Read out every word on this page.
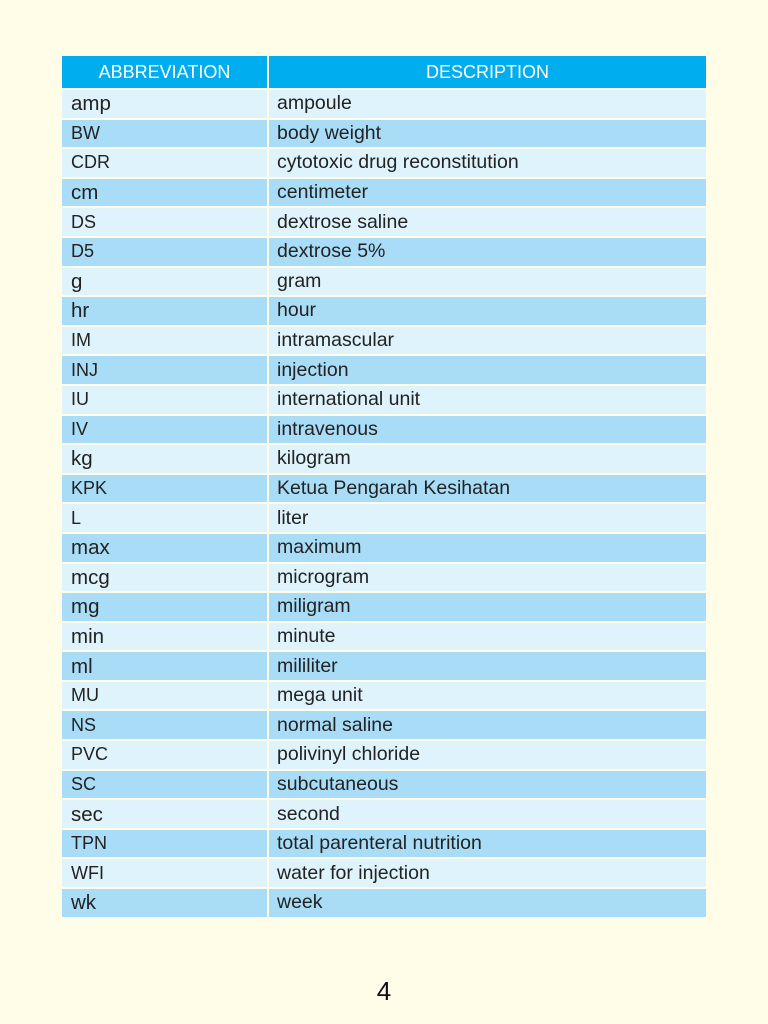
ABBREVIATION	DESCRIPTION
amp	ampoule
BW	body weight
CDR	cytotoxic drug reconstitution
cm	centimeter
DS	dextrose saline
D5	dextrose 5%
g	gram
hr	hour
IM	intramascular
INJ	injection
IU	international unit
IV	intravenous
kg	kilogram
KPK	Ketua Pengarah Kesihatan
L	liter
max	maximum
mcg	microgram
mg	miligram
min	minute
ml	mililiter
MU	mega unit
NS	normal saline
PVC	polivinyl chloride
SC	subcutaneous
sec	second
TPN	total parenteral nutrition
WFI	water for injection
wk	week
4
